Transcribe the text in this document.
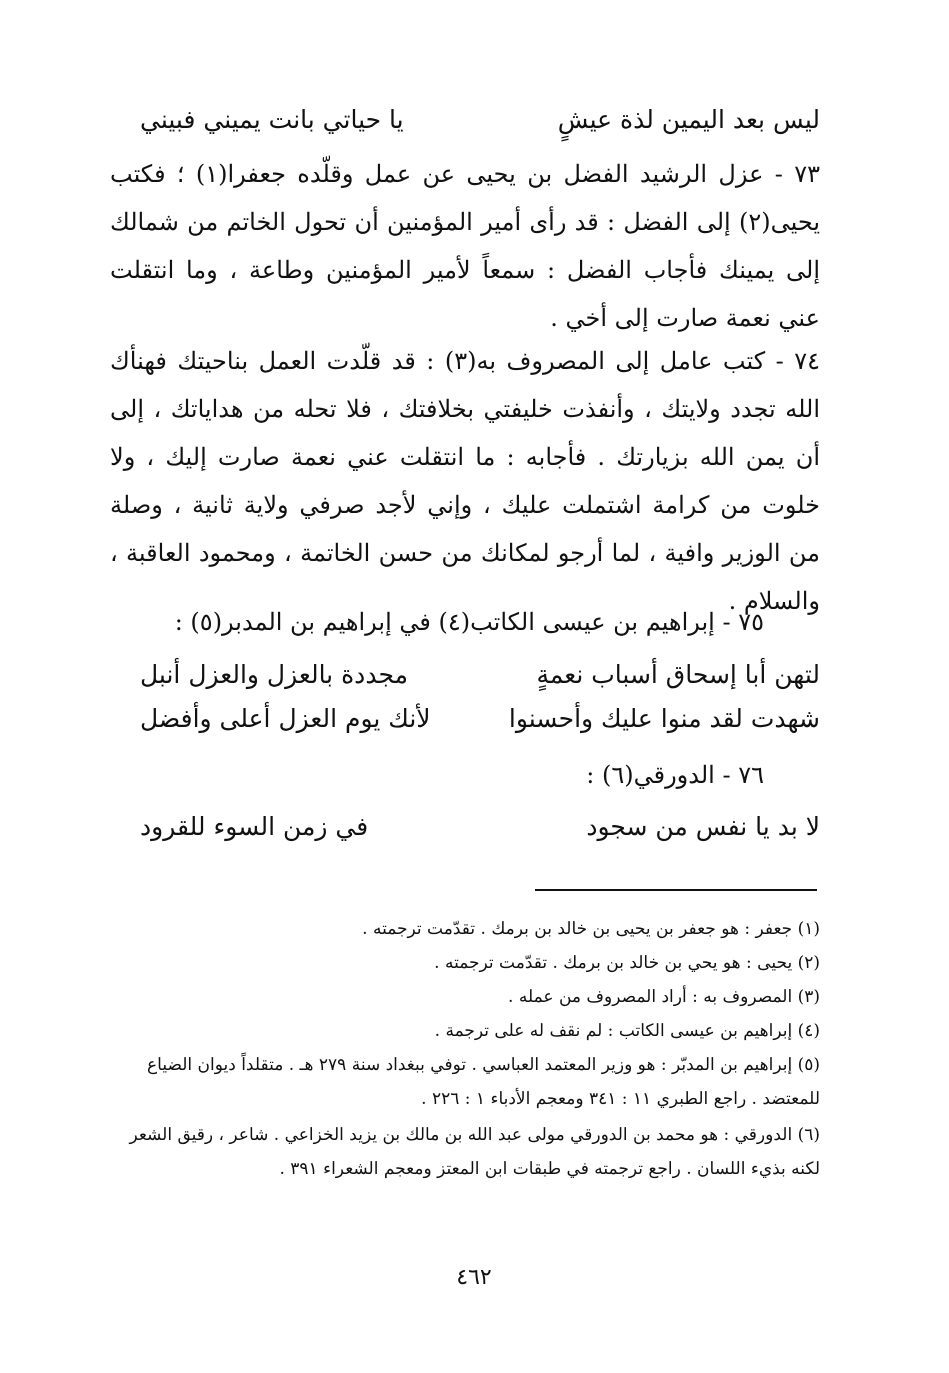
ليس بعد اليمين لذة عيشٍ
يا حياتي بانت يميني فبيني

٧٣ - عزل الرشيد الفضل بن يحيى عن عمل وقلّده جعفرا(١) ؛ فكتب يحيى(٢) إلى الفضل : قد رأى أمير المؤمنين أن تحول الخاتم من شمالك إلى يمينك فأجاب الفضل : سمعاً لأمير المؤمنين وطاعة ، وما انتقلت عني نعمة صارت إلى أخي .

٧٤ - كتب عامل إلى المصروف به(٣) : قد قلّدت العمل بناحيتك فهنأك الله تجدد ولايتك ، وأنفذت خليفتي بخلافتك ، فلا تحله من هداياتك ، إلى أن يمن الله بزيارتك . فأجابه : ما انتقلت عني نعمة صارت إليك ، ولا خلوت من كرامة اشتملت عليك ، وإني لأجد صرفي ولاية ثانية ، وصلة من الوزير وافية ، لما أرجو لمكانك من حسن الخاتمة ، ومحمود العاقبة ، والسلام .

٧٥ - إبراهيم بن عيسى الكاتب(٤) في إبراهيم بن المدبر(٥) :
لتهن أبا إسحاق أسباب نعمةٍ
مجددة بالعزل والعزل أنبل
شهدت لقد منوا عليك وأحسنوا
لأنك يوم العزل أعلى وأفضل
٧٦ - الدورقي(٦) :
لا بد يا نفس من سجود
في زمن السوء للقرود
(١) جعفر : هو جعفر بن يحيى بن خالد بن برمك . تقدّمت ترجمته .
(٢) يحيى : هو يحي بن خالد بن برمك . تقدّمت ترجمته .
(٣) المصروف به : أراد المصروف من عمله .
(٤) إبراهيم بن عيسى الكاتب : لم نقف له على ترجمة .
(٥) إبراهيم بن المدبّر : هو وزير المعتمد العباسي . توفي ببغداد سنة ٢٧٩ هـ . متقلداً ديوان الضياع للمعتضد . راجع الطبري ١١ : ٣٤١ ومعجم الأدباء ١ : ٢٢٦ .
(٦) الدورقي : هو محمد بن الدورقي مولى عبد الله بن مالك بن يزيد الخزاعي . شاعر ، رقيق الشعر لكنه بذيء اللسان . راجع ترجمته في طبقات ابن المعتز ومعجم الشعراء ٣٩١ .
٤٦٢
